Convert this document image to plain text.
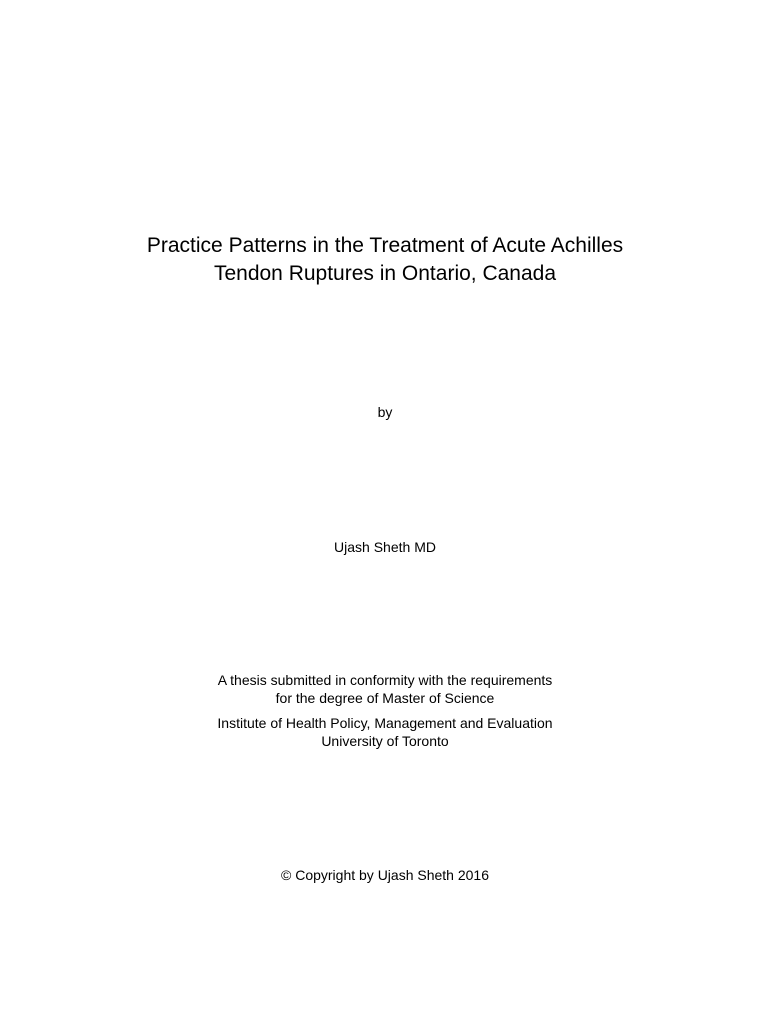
Practice Patterns in the Treatment of Acute Achilles
Tendon Ruptures in Ontario, Canada

by

Ujash Sheth MD

A thesis submitted in conformity with the requirements
for the degree of Master of Science

Institute of Health Policy, Management and Evaluation
University of Toronto

© Copyright by Ujash Sheth 2016
